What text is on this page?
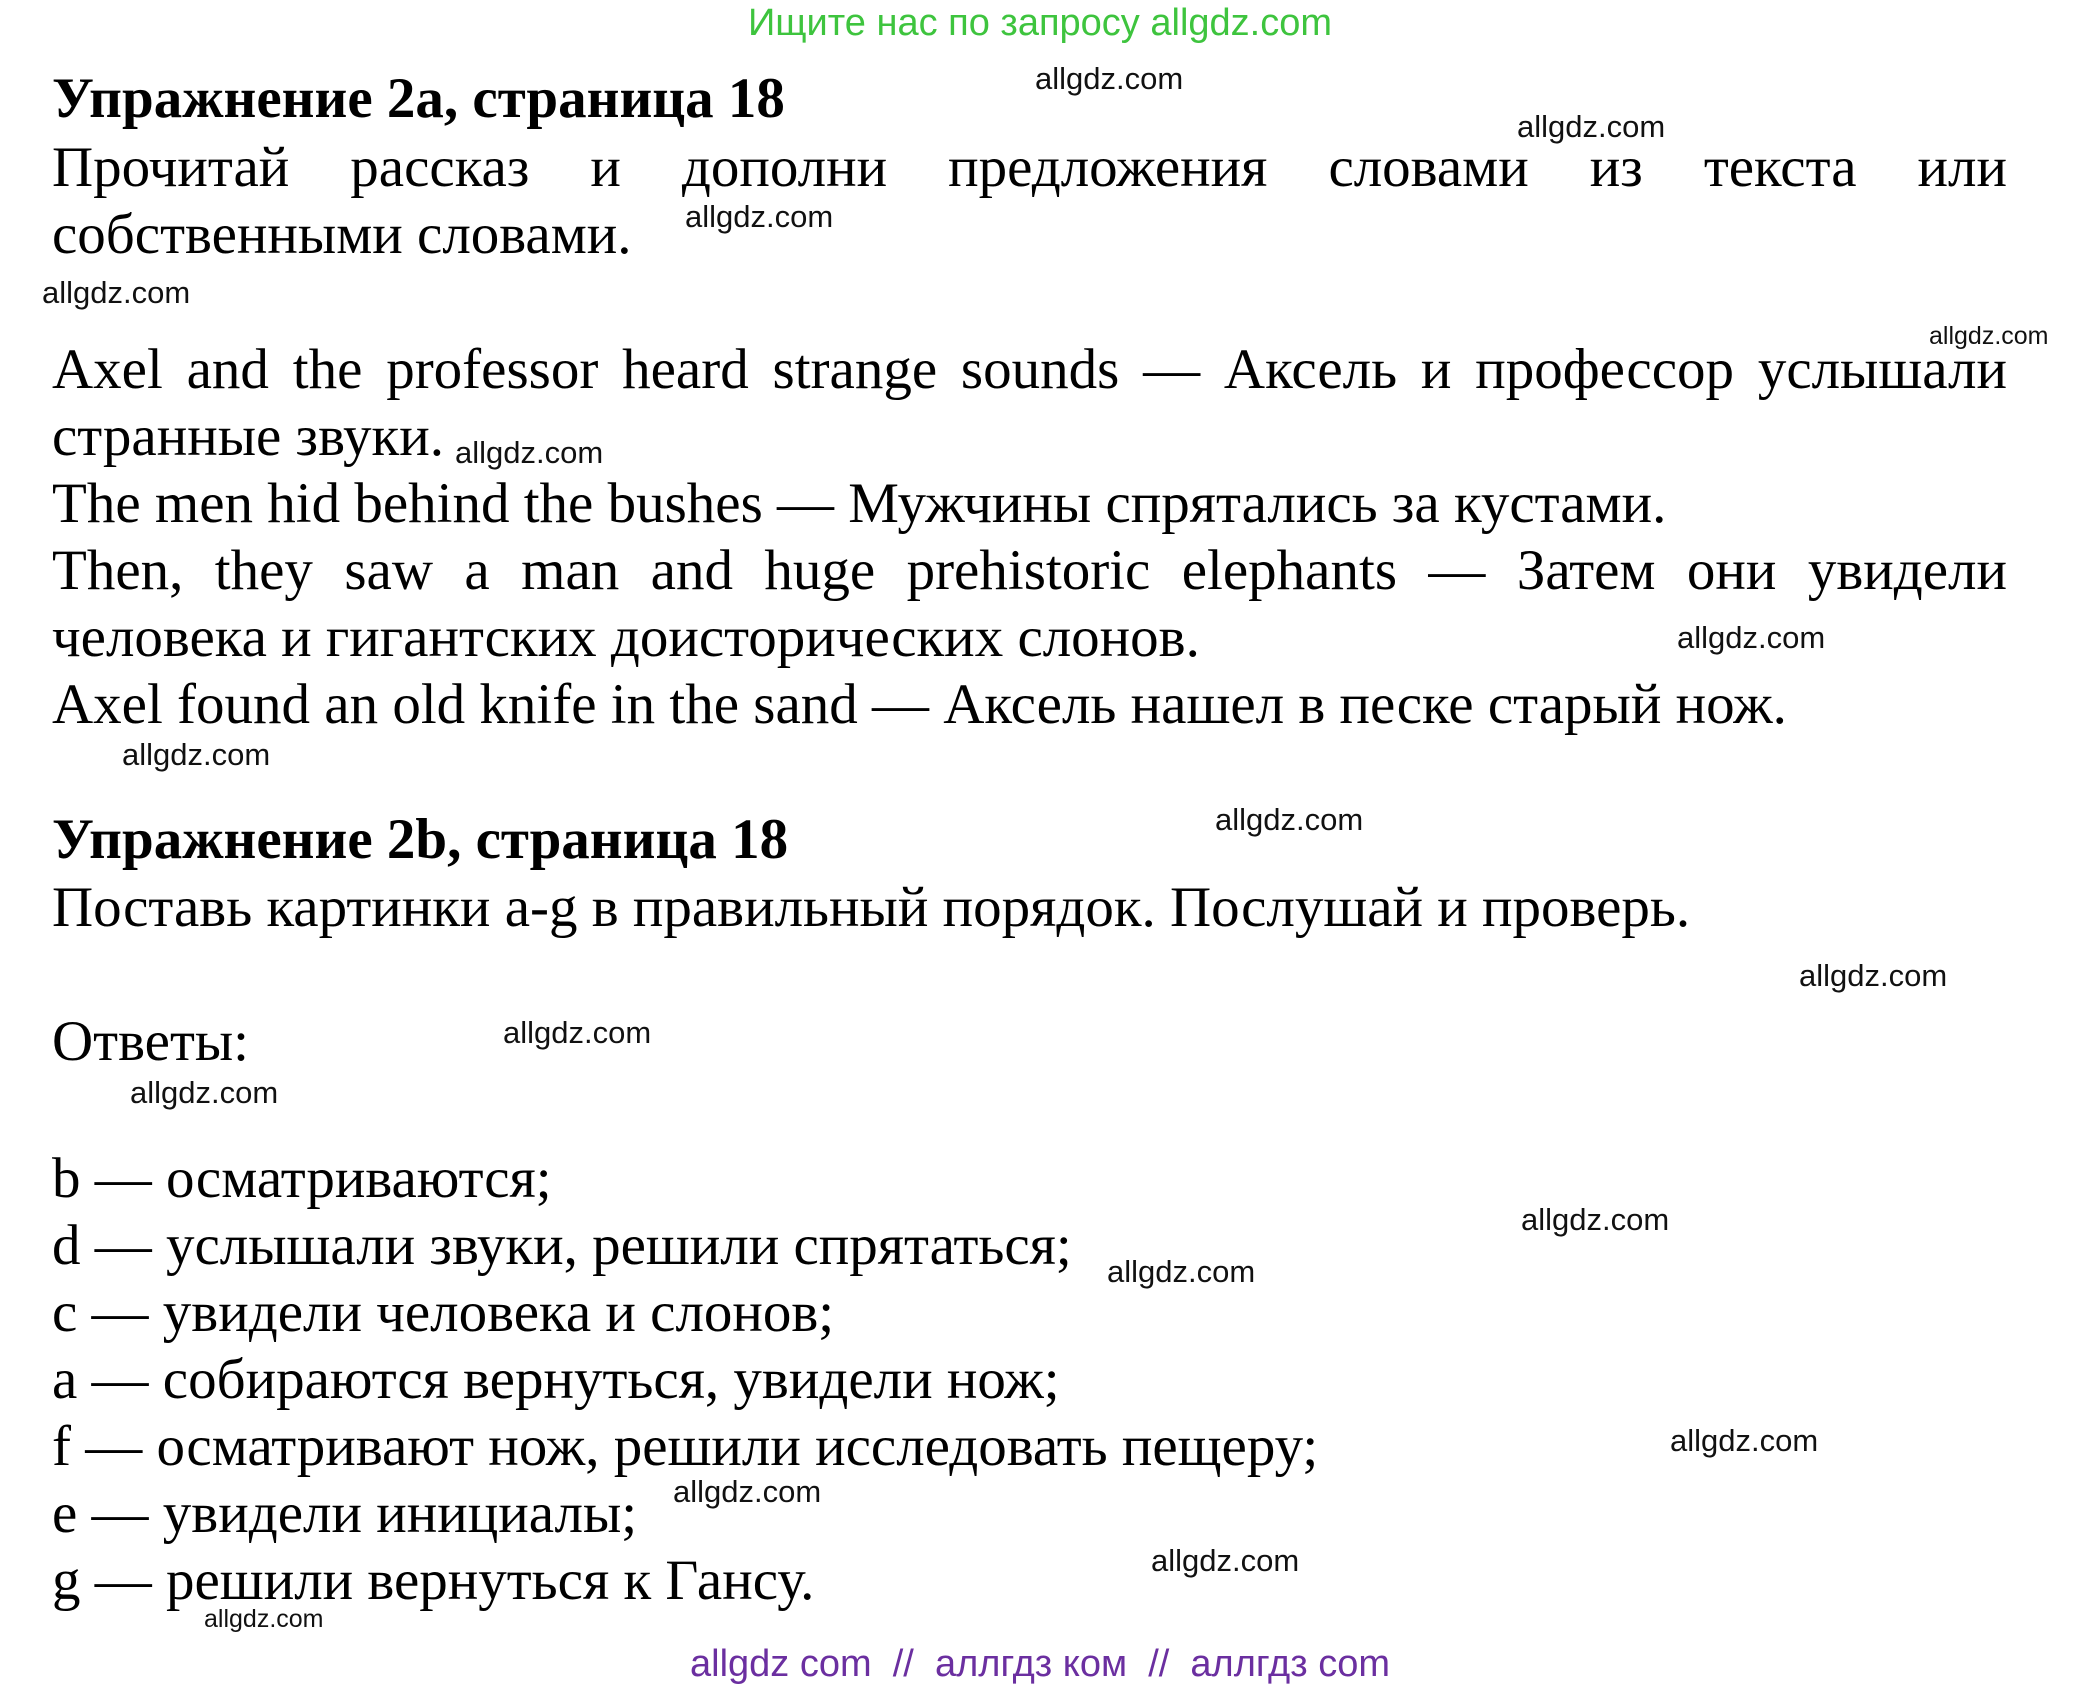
Ищите нас по запросу allgdz.com
Упражнение 2а, страница 18
Прочитай рассказ и дополни предложения словами из текста или
собственными словами.
Axel and the professor heard strange sounds — Аксель и профессор услышали
странные звуки.
The men hid behind the bushes — Мужчины спрятались за кустами.
Then, they saw a man and huge prehistoric elephants — Затем они увидели
человека и гигантских доисторических слонов.
Axel found an old knife in the sand — Аксель нашел в песке старый нож.
Упражнение 2b, страница 18
Поставь картинки a-g в правильный порядок. Послушай и проверь.
Ответы:
b — осматриваются;
d — услышали звуки, решили спрятаться;
c — увидели человека и слонов;
a — собираются вернуться, увидели нож;
f — осматривают нож, решили исследовать пещеру;
e — увидели инициалы;
g — решили вернуться к Гансу.
allgdz.com
allgdz.com
allgdz.com
allgdz.com
allgdz.com
allgdz.com
allgdz.com
allgdz.com
allgdz.com
allgdz.com
allgdz.com
allgdz.com
allgdz.com
allgdz.com
allgdz.com
allgdz.com
allgdz.com
allgdz.com
allgdz com  //  аллгдз ком  //  аллгдз com
